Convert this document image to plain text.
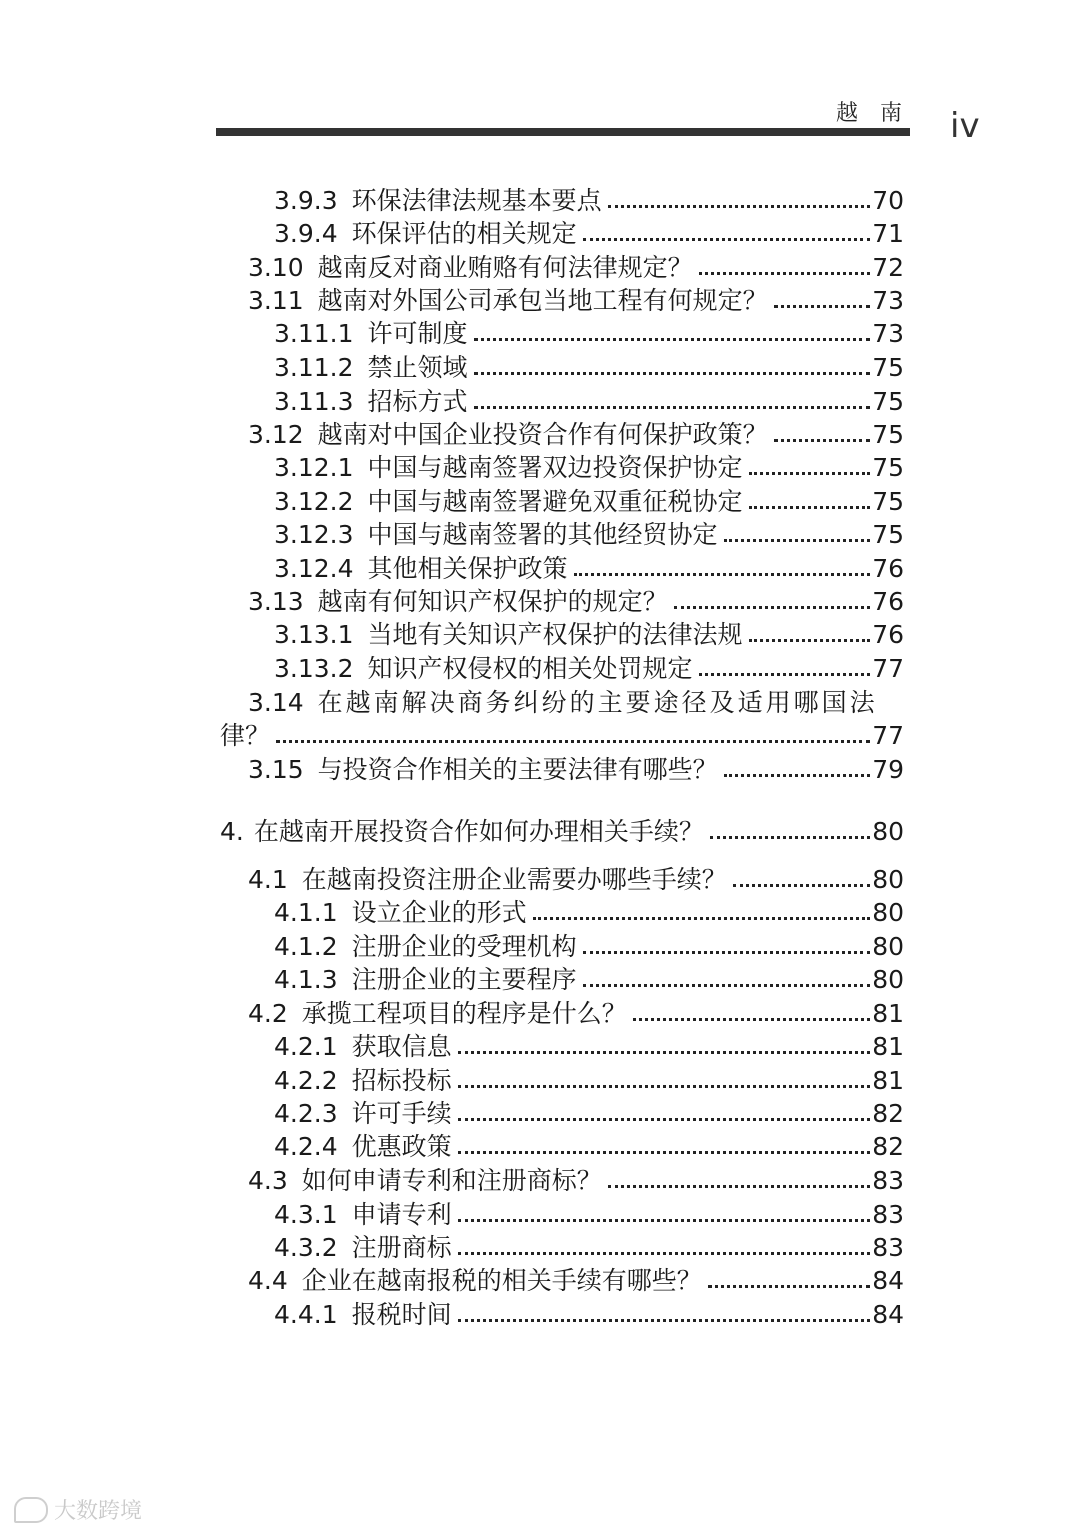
越南 iv
3.9.3 环保法律法规基本要点	70
3.9.4 环保评估的相关规定	71
3.10 越南反对商业贿赂有何法律规定？	72
3.11 越南对外国公司承包当地工程有何规定？	73
3.11.1 许可制度	73
3.11.2 禁止领域	75
3.11.3 招标方式	75
3.12 越南对中国企业投资合作有何保护政策？	75
3.12.1 中国与越南签署双边投资保护协定	75
3.12.2 中国与越南签署避免双重征税协定	75
3.12.3 中国与越南签署的其他经贸协定	75
3.12.4 其他相关保护政策	76
3.13 越南有何知识产权保护的规定？	76
3.13.1 当地有关知识产权保护的法律法规	76
3.13.2 知识产权侵权的相关处罚规定	77
3.14 在越南解决商务纠纷的主要途径及适用哪国法
律？	77
3.15 与投资合作相关的主要法律有哪些？	79
4. 在越南开展投资合作如何办理相关手续？	80
4.1 在越南投资注册企业需要办哪些手续？	80
4.1.1 设立企业的形式	80
4.1.2 注册企业的受理机构	80
4.1.3 注册企业的主要程序	80
4.2 承揽工程项目的程序是什么？	81
4.2.1 获取信息	81
4.2.2 招标投标	81
4.2.3 许可手续	82
4.2.4 优惠政策	82
4.3 如何申请专利和注册商标？	83
4.3.1 申请专利	83
4.3.2 注册商标	83
4.4 企业在越南报税的相关手续有哪些？	84
4.4.1 报税时间	84
大数跨境
